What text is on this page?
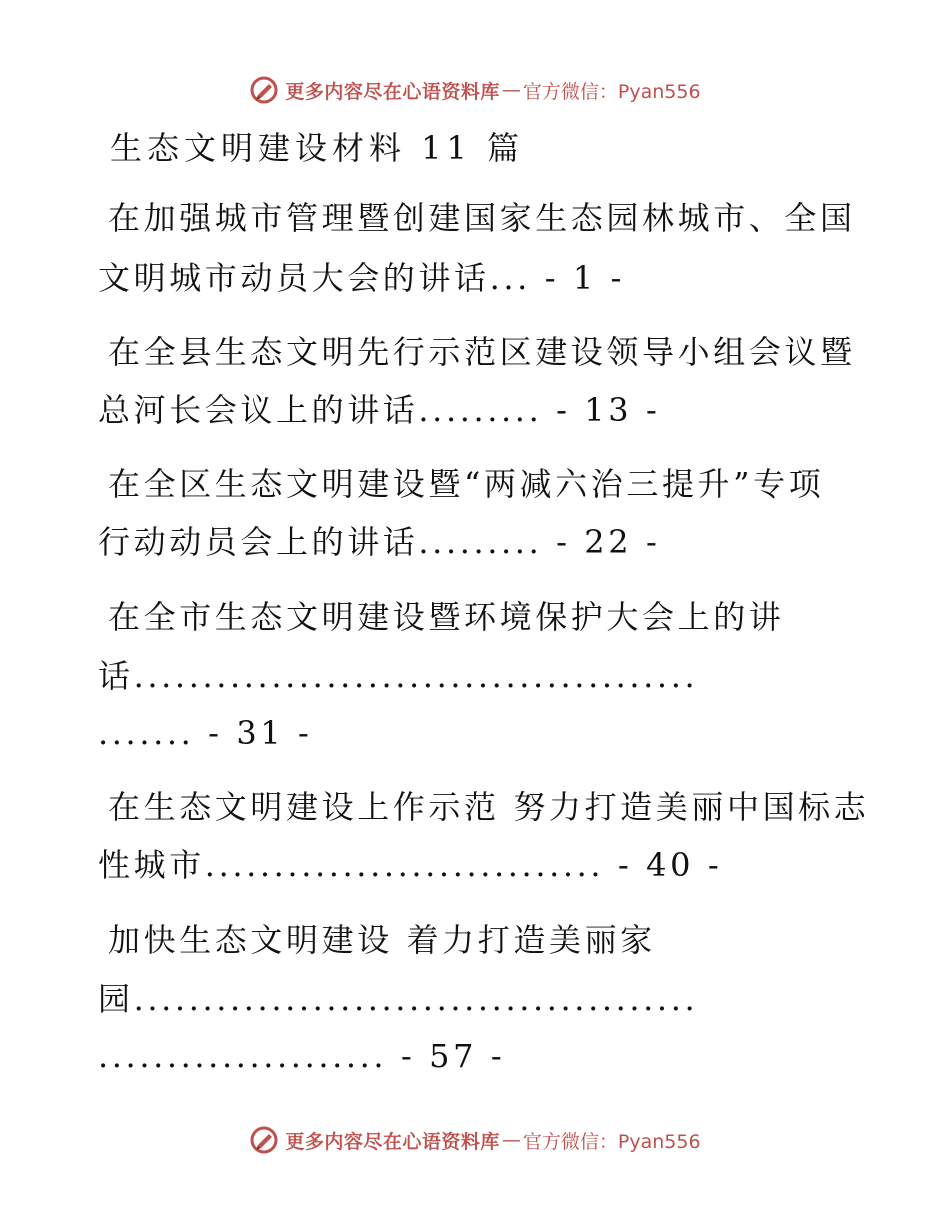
更多内容尽在心语资料库 — 官方微信：Pyan556
生态文明建设材料 11 篇
在加强城市管理暨创建国家生态园林城市、全国
文明城市动员大会的讲话... - 1 -
在全县生态文明先行示范区建设领导小组会议暨
总河长会议上的讲话......... - 13 -
在全区生态文明建设暨“两减六治三提升”专项
行动动员会上的讲话......... - 22 -
在全市生态文明建设暨环境保护大会上的讲
话.........................................
....... - 31 -
在生态文明建设上作示范 努力打造美丽中国标志
性城市............................. - 40 -
加快生态文明建设 着力打造美丽家
园.........................................
..................... - 57 -
更多内容尽在心语资料库 — 官方微信：Pyan556
